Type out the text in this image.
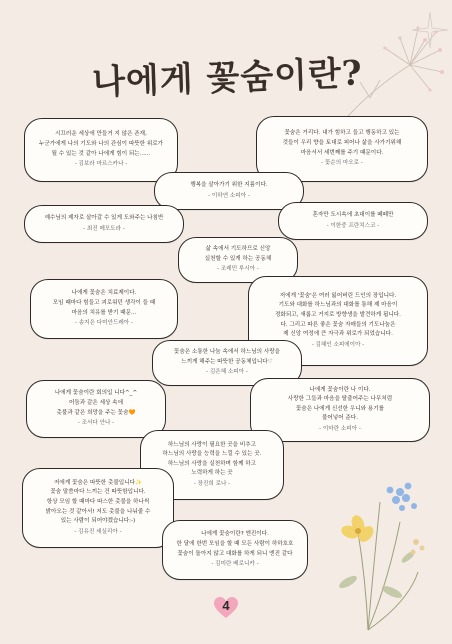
나에게 꽃숨이란?
시끄러운 세상에 만들거 지 않은 존재,
누군가에게 나의 기도와 나의 관심이 따뜻한 위로가
될 수 있는 것 같아 나에게 힘이 되는......
- 김보라 마르스카나 -
꽃숨은 거리다. 내가 힘하고 들고 행동하고 있는
것들이 우리 향을 토대로 피어나 삶을 사가기위해
마음서서 세번째를 주기 때문이다.
- 꽃순의 마오로 -
행복을 살아가기 위한 지름이다.
- 이하연 소피아 -
예수님의 제자로 살아갈 수 있게 도와주는 나침반
- 최진 메모도라 -
혼자만 도시속에 초대이를 떼떼만
- 이한중 프란치스코 -
삶 속에서 기도하므로 신앙
실천할 수 있게 하는 공동체
- 조레민 루시아 -
나에게 꽃숨은 치료제이다.
모임 때마다 힘들고 괴로워던 생각이 들 때
마음의 치유를 받기 때문...
- 송지은 다미안드레아 -
저에게 '꽃숨'은 여러 잃어버린 드인의 장입니다.
기도와 대화를 하느님과의 대화를 통해 제 마음이
정화되고, 새롭고 거지로 방향생을 발견하게 됩니다.
다. 그리고 따른 좋은 꽃숨 자매들의 기도나눔은
제 신앙 여정에 큰 자극과 위로가 되었습니다.
- 김혜인 소피에이아 -
꽃숨은 소통한 나눔 속에서 하느님의 사랑을
느끼게 해주는 따뜻한 공동체입니다♡
- 김은혜 소피아 -
나에게 꽃숨이란 회의입 니다^_^
어둠과 같은 세상 속에
촛불과 같은 희망을 주는 꽃숨🧡
- 조서다 안나 -
나에게 꽃숨이란 나 이다.
사랑한 그들과 마음을 탈출어주는 나무처럼
꽃숨은 나에게 신선한 우니와 용기를
불어넣어 준다.
- 이마란 소피아 -
하느님의 사랑이 필요한 곳을 비추고
하느님의 사랑을 능력을 느낄 수 있는 곳.
하느님의 사랑을 실천하며 함께 하고
노력하게 하는 곳
- 장진희 로나 -
저에게 꽃숨은 따뜻한 촛불입니다✨
꽃숨 말씀마다 느끼는 건 따뜻함입니다.
항상 모임 할 때마다 따스한 촛불을 하나씩
밝아오는 것 같아서! 저도 촛불을 나눠줄 수
있는 사람이 되어야겠습니다:-)
- 김유진 세실리아 -	나에게 꽃숨이란? 엔진이다.
한 달에 한번 모임을 할 때 모든 사람이 하하호호
꽃숨이 돌아지 않고 대화를 하게 되니 엔진 같다
- 김미란 베로니카 -
4
